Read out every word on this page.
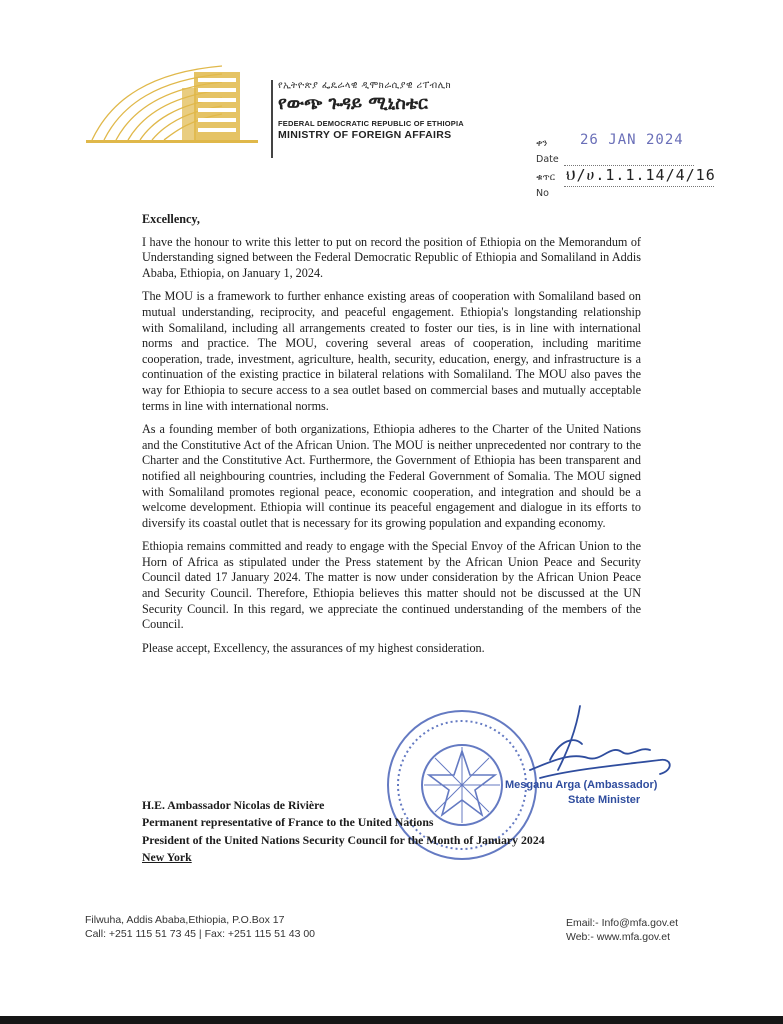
የኢትዮጵያ ፌዴራላዊ ዲሞክራሲያዊ ሪፐብሊክ
የውጭ ጉዳይ ሚኒስቴር
FEDERAL DEMOCRATIC REPUBLIC OF ETHIOPIA
MINISTRY OF FOREIGN AFFAIRS
ቀን
Date
26 JAN 2024
ቁጥር
No
ህ/ሀ.1.1.14/4/16

Excellency,

I have the honour to write this letter to put on record the position of Ethiopia on the Memorandum of Understanding signed between the Federal Democratic Republic of Ethiopia and Somaliland in Addis Ababa, Ethiopia, on January 1, 2024.

The MOU is a framework to further enhance existing areas of cooperation with Somaliland based on mutual understanding, reciprocity, and peaceful engagement. Ethiopia's longstanding relationship with Somaliland, including all arrangements created to foster our ties, is in line with international norms and practice. The MOU, covering several areas of cooperation, including maritime cooperation, trade, investment, agriculture, health, security, education, energy, and infrastructure is a continuation of the existing practice in bilateral relations with Somaliland. The MOU also paves the way for Ethiopia to secure access to a sea outlet based on commercial bases and mutually acceptable terms in line with international norms.

As a founding member of both organizations, Ethiopia adheres to the Charter of the United Nations and the Constitutive Act of the African Union. The MOU is neither unprecedented nor contrary to the Charter and the Constitutive Act. Furthermore, the Government of Ethiopia has been transparent and notified all neighbouring countries, including the Federal Government of Somalia. The MOU signed with Somaliland promotes regional peace, economic cooperation, and integration and should be a welcome development. Ethiopia will continue its peaceful engagement and dialogue in its efforts to diversify its coastal outlet that is necessary for its growing population and expanding economy.

Ethiopia remains committed and ready to engage with the Special Envoy of the African Union to the Horn of Africa as stipulated under the Press statement by the African Union Peace and Security Council dated 17 January 2024. The matter is now under consideration by the African Union Peace and Security Council. Therefore, Ethiopia believes this matter should not be discussed at the UN Security Council. In this regard, we appreciate the continued understanding of the members of the Council.

Please accept, Excellency, the assurances of my highest consideration.

Mesganu Arga (Ambassador)
State Minister
H.E. Ambassador Nicolas de Rivière
Permanent representative of France to the United Nations
President of the United Nations Security Council for the Month of January 2024
New York
Filwuha, Addis Ababa,Ethiopia, P.O.Box 17
Call: +251 115 51 73 45 | Fax: +251 115 51 43 00
Email:- Info@mfa.gov.et
Web:- www.mfa.gov.et
